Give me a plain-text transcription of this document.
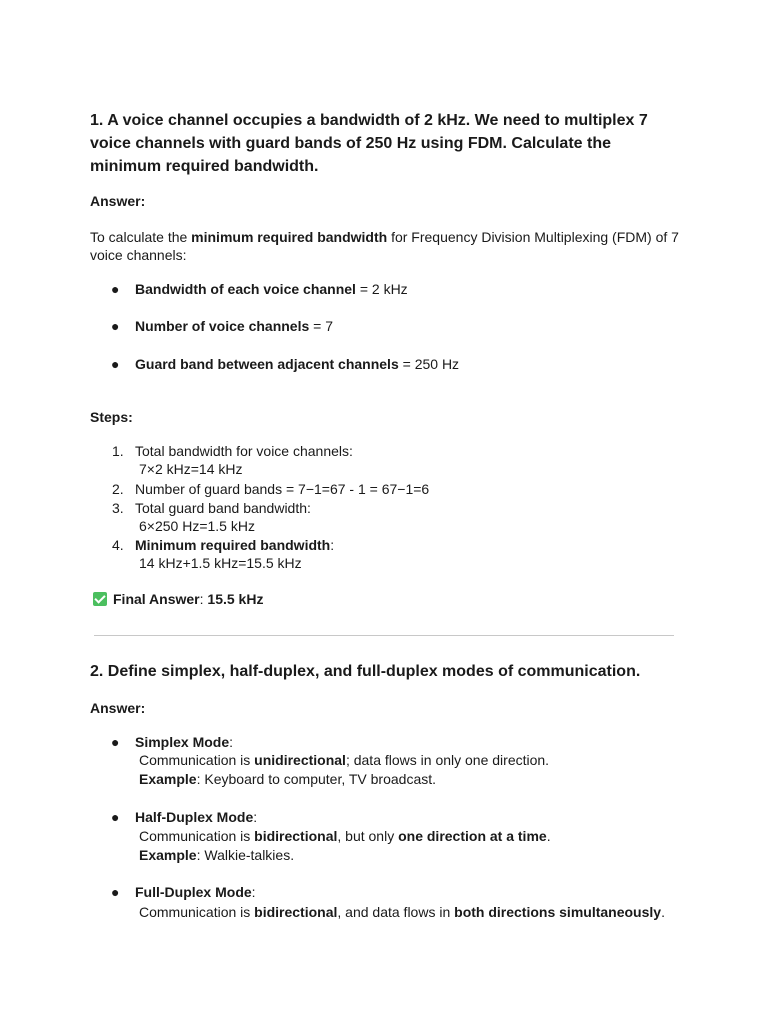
1. A voice channel occupies a bandwidth of 2 kHz. We need to multiplex 7 voice channels with guard bands of 250 Hz using FDM. Calculate the minimum required bandwidth.
Answer:
To calculate the minimum required bandwidth for Frequency Division Multiplexing (FDM) of 7
voice channels:
● Bandwidth of each voice channel = 2 kHz
● Number of voice channels = 7
● Guard band between adjacent channels = 250 Hz
Steps:
1. Total bandwidth for voice channels:
7×2 kHz=14 kHz
2. Number of guard bands = 7−1=67 - 1 = 67−1=6
3. Total guard band bandwidth:
6×250 Hz=1.5 kHz
4. Minimum required bandwidth:
14 kHz+1.5 kHz=15.5 kHz
Final Answer: 15.5 kHz
2. Define simplex, half-duplex, and full-duplex modes of communication.
Answer:
● Simplex Mode:
Communication is unidirectional; data flows in only one direction.
Example: Keyboard to computer, TV broadcast.
● Half-Duplex Mode:
Communication is bidirectional, but only one direction at a time.
Example: Walkie-talkies.
● Full-Duplex Mode:
Communication is bidirectional, and data flows in both directions simultaneously.
